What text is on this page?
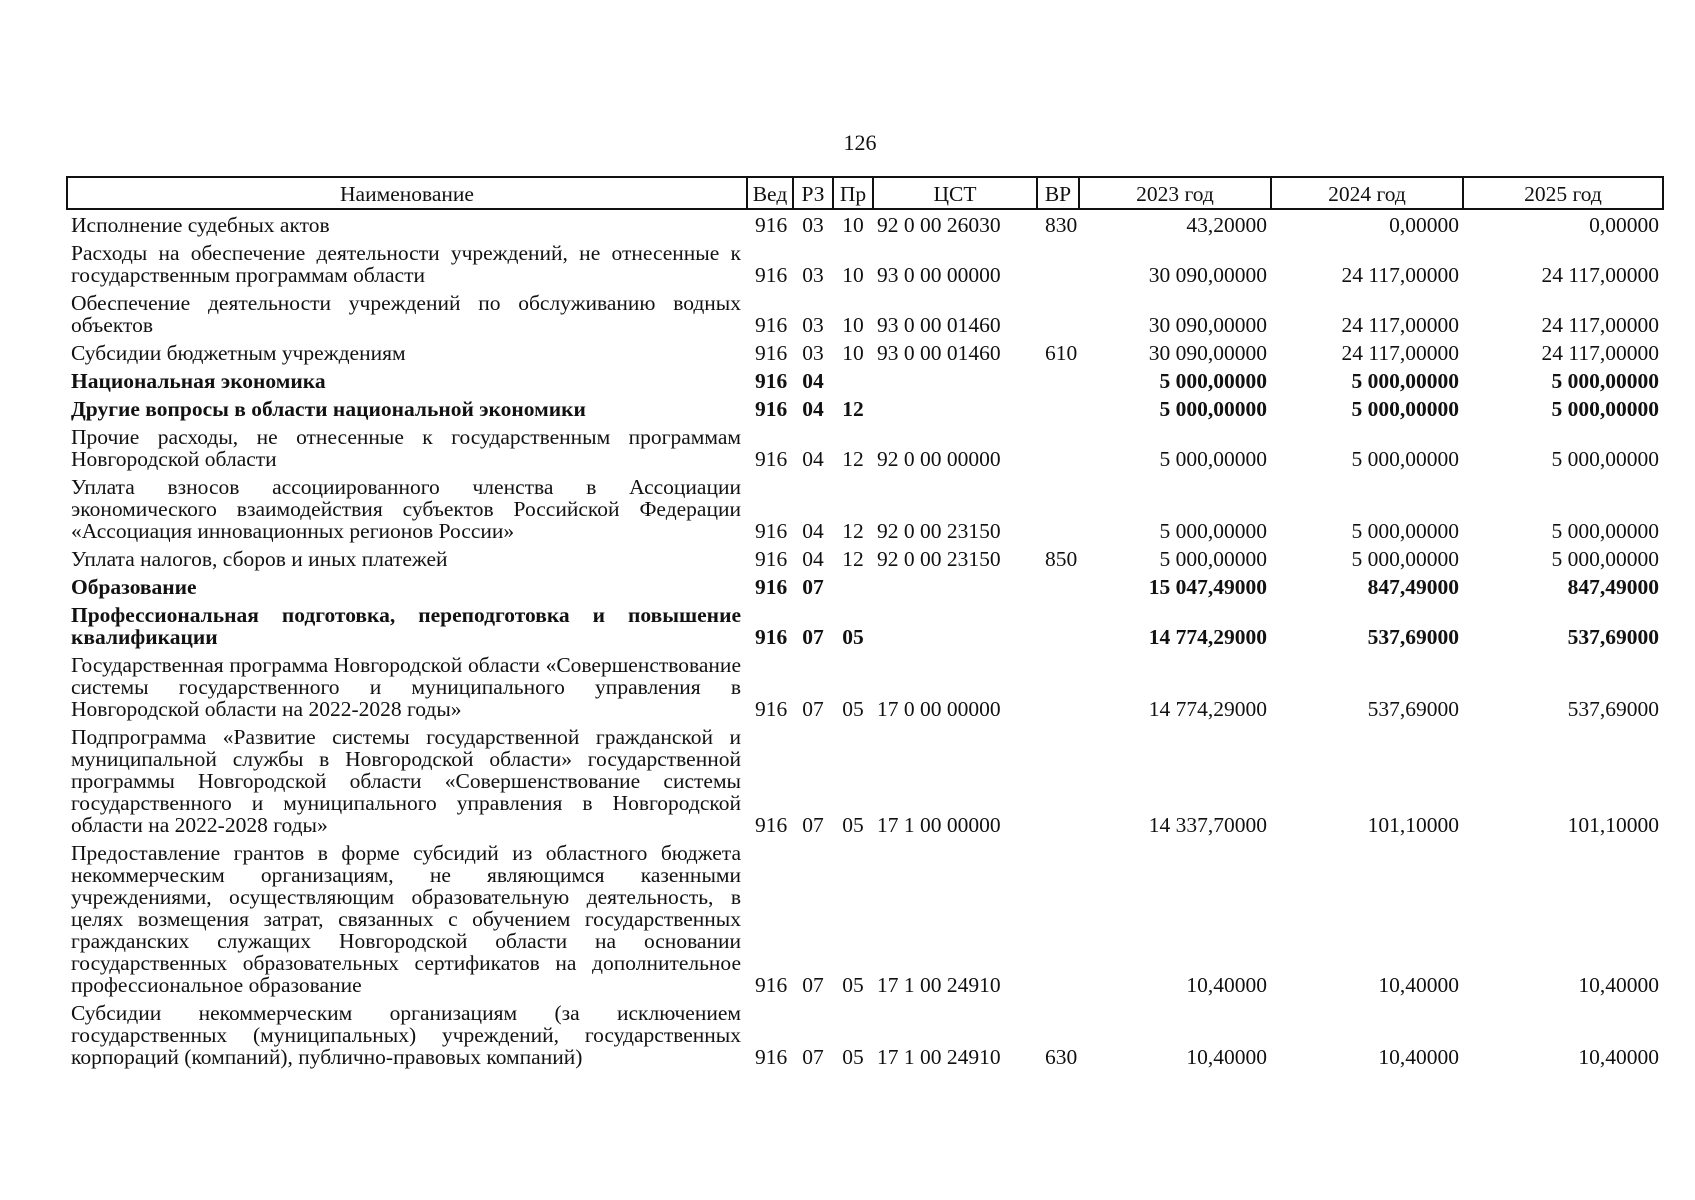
126
Наименование	Вед	РЗ	Пр	ЦСТ	ВР	2023 год	2024 год	2025 год
Исполнение судебных актов	916	03	10	92 0 00 26030	830	43,20000	0,00000	0,00000
Расходы на обеспечение деятельности учреждений, не отнесенные к государственным программам области	916	03	10	93 0 00 00000		30 090,00000	24 117,00000	24 117,00000
Обеспечение деятельности учреждений по обслуживанию водных объектов	916	03	10	93 0 00 01460		30 090,00000	24 117,00000	24 117,00000
Субсидии бюджетным учреждениям	916	03	10	93 0 00 01460	610	30 090,00000	24 117,00000	24 117,00000
Национальная экономика	916	04				5 000,00000	5 000,00000	5 000,00000
Другие вопросы в области национальной экономики	916	04	12			5 000,00000	5 000,00000	5 000,00000
Прочие расходы, не отнесенные к государственным программам Новгородской области	916	04	12	92 0 00 00000		5 000,00000	5 000,00000	5 000,00000
Уплата взносов ассоциированного членства в Ассоциации экономического взаимодействия субъектов Российской Федерации «Ассоциация инновационных регионов России»	916	04	12	92 0 00 23150		5 000,00000	5 000,00000	5 000,00000
Уплата налогов, сборов и иных платежей	916	04	12	92 0 00 23150	850	5 000,00000	5 000,00000	5 000,00000
Образование	916	07				15 047,49000	847,49000	847,49000
Профессиональная подготовка, переподготовка и повышение квалификации	916	07	05			14 774,29000	537,69000	537,69000
Государственная программа Новгородской области «Совершенствование системы государственного и муниципального управления в Новгородской области на 2022-2028 годы»	916	07	05	17 0 00 00000		14 774,29000	537,69000	537,69000
Подпрограмма «Развитие системы государственной гражданской и муниципальной службы в Новгородской области» государственной программы Новгородской области «Совершенствование системы государственного и муниципального управления в Новгородской области на 2022-2028 годы»	916	07	05	17 1 00 00000		14 337,70000	101,10000	101,10000
Предоставление грантов в форме субсидий из областного бюджета некоммерческим организациям, не являющимся казенными учреждениями, осуществляющим образовательную деятельность, в целях возмещения затрат, связанных с обучением государственных гражданских служащих Новгородской области на основании государственных образовательных сертификатов на дополнительное профессиональное образование	916	07	05	17 1 00 24910		10,40000	10,40000	10,40000
Субсидии некоммерческим организациям (за исключением государственных (муниципальных) учреждений, государственных корпораций (компаний), публично-правовых компаний)	916	07	05	17 1 00 24910	630	10,40000	10,40000	10,40000
